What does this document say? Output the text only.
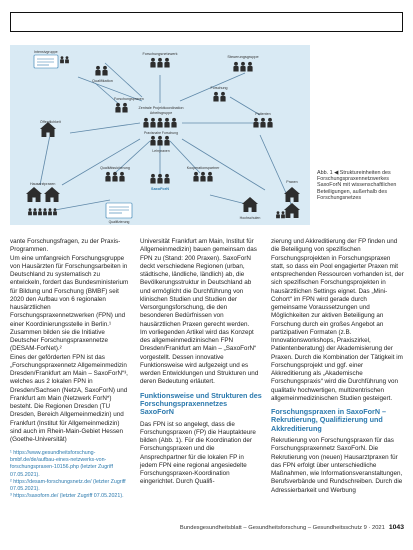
Intensivgruppe
Qualifikation
Forschungsnetzwerk
Steuerungsgruppe
Forschungspraxen
Zentrale Projektkoordination
Arbeitsgruppe
Praxisnahe Forschung
Lehrpraxen
Öffentlichkeit
Patienten
Forschung
Qualitätssicherung
SaxoForN
Kooperationspartner
Hausarztpraxen
Qualifizierung
Hochschulen
Praxen
Abb. 1 ◀ Struktureinheiten des Forschungspraxennetzwerkes SaxoForN mit wissenschaftlichen Beteiligungen, außerhalb des Forschungsnetzes

vante Forschungsfragen, zu der Praxis-Programmen.

Um eine umfangreich Forschungsgruppe von Hausärzten für Forschungsarbeiten in Deutschland zu systematisch zu entwickeln, fordert das Bundesministerium für Bildung und Forschung (BMBF) seit 2020 den Aufbau von 6 regionalen hausärztlichen Forschungspraxennetzwerken (FPN) und einer Koordinierungsstelle in Berlin.¹ Zusammen bilden sie die Initiative Deutscher Forschungspraxennetze (DESAM-ForNet).²

Eines der geförderten FPN ist das „Forschungspraxennetz Allgemeinmedizin Dresden/Frankfurt am Main – SaxoForN“³, welches aus 2 lokalen FPN in Dresden/Sachsen (NetzA, SaxoForN) und Frankfurt am Main (Netzwerk ForN*) besteht. Die Regionen Dresden (TU Dresden, Bereich Allgemeinmedizin) und Frankfurt (Institut für Allgemeinmedizin) sind auch im Rhein-Main-Gebiet Hessen (Goethe-Universität)

Universität Frankfurt am Main, Institut für Allgemeinmedizin) bauen gemeinsam das FPN zu (Stand: 200 Praxen). SaxoForN deckt verschiedene Regionen (urban, städtische, ländliche, ländlich) ab, die Bevölkerungsstruktur in Deutschland ab und ermöglicht die Durchführung von klinischen Studien und Studien der Versorgungsforschung, die den besonderen Bedürfnissen von hausärztlichen Praxen gerecht werden.

Im vorliegenden Artikel wird das Konzept des allgemeinmedizinischen FPN Dresden/Frankfurt am Main – „SaxoForN“ vorgestellt. Dessen innovative Funktionsweise wird aufgezeigt und es werden Entwicklungen und Strukturen und deren Bedeutung erläutert.

Funktionsweise und Strukturen des Forschungspraxennetzes SaxoForN

Das FPN ist so angelegt, dass die Forschungspraxen (FP) die Hauptakteure bilden (Abb. 1). Für die Koordination der Forschungspraxen und die Ansprechpartner für die lokalen FP in jedem FPN eine regional angesiedelte Forschungspraxen-Koordination eingerichtet. Durch Qualifi-

zierung und Akkreditierung der FP finden und die Beteiligung von spezifischen Forschungsprojekten in Forschungspraxen statt, so dass ein Pool engagierter Praxen mit entsprechenden Ressourcen vorhanden ist, der sich spezifischen Forschungsprojekten in hausärztlichen Settings eignet. Das „Mini-Cohort“ im FPN wird gerade durch gemeinsame Voraussetzungen und Möglichkeiten zur aktiven Beteiligung an Forschung durch ein großes Angebot an partizipativen Formaten (z.B. Innovationsworkshops, Praxiszirkel, Patientenberatung) der Akademisierung der Praxen. Durch die Kombination der Tätigkeit im Forschungsprojekt und ggf. einer Akkreditierung als „Akademische Forschungspraxis“ wird die Durchführung von qualitativ hochwertigen, multizentrischen allgemeinmedizinischen Studien gesteigert.

Forschungspraxen in SaxoForN – Rekrutierung, Qualifizierung und Akkreditierung

Rekrutierung von Forschungspraxen für das Forschungspraxennetz SaxoForN. Die Rekrutierung von (neuen) Hausarztpraxen für das FPN erfolgt über unterschiedliche Maßnahmen, wie Informationsveranstaltungen, Berufsverbände und Rundschreiben. Durch die Adressierbarkeit und Werbung

¹ https://www.gesundheitsforschung-bmbf.de/de/aufbau-eines-netzwerks-von-forschungspraxen-10156.php (letzter Zugriff 07.05.2021).
² https://desam-forschungsnetz.de/ (letzter Zugriff 07.05.2021).
³ https://saxoforn.de/ (letzter Zugriff 07.05.2021).
Bundesgesundheitsblatt – Gesundheitsforschung – Gesundheitsschutz 9 · 2021 1043
